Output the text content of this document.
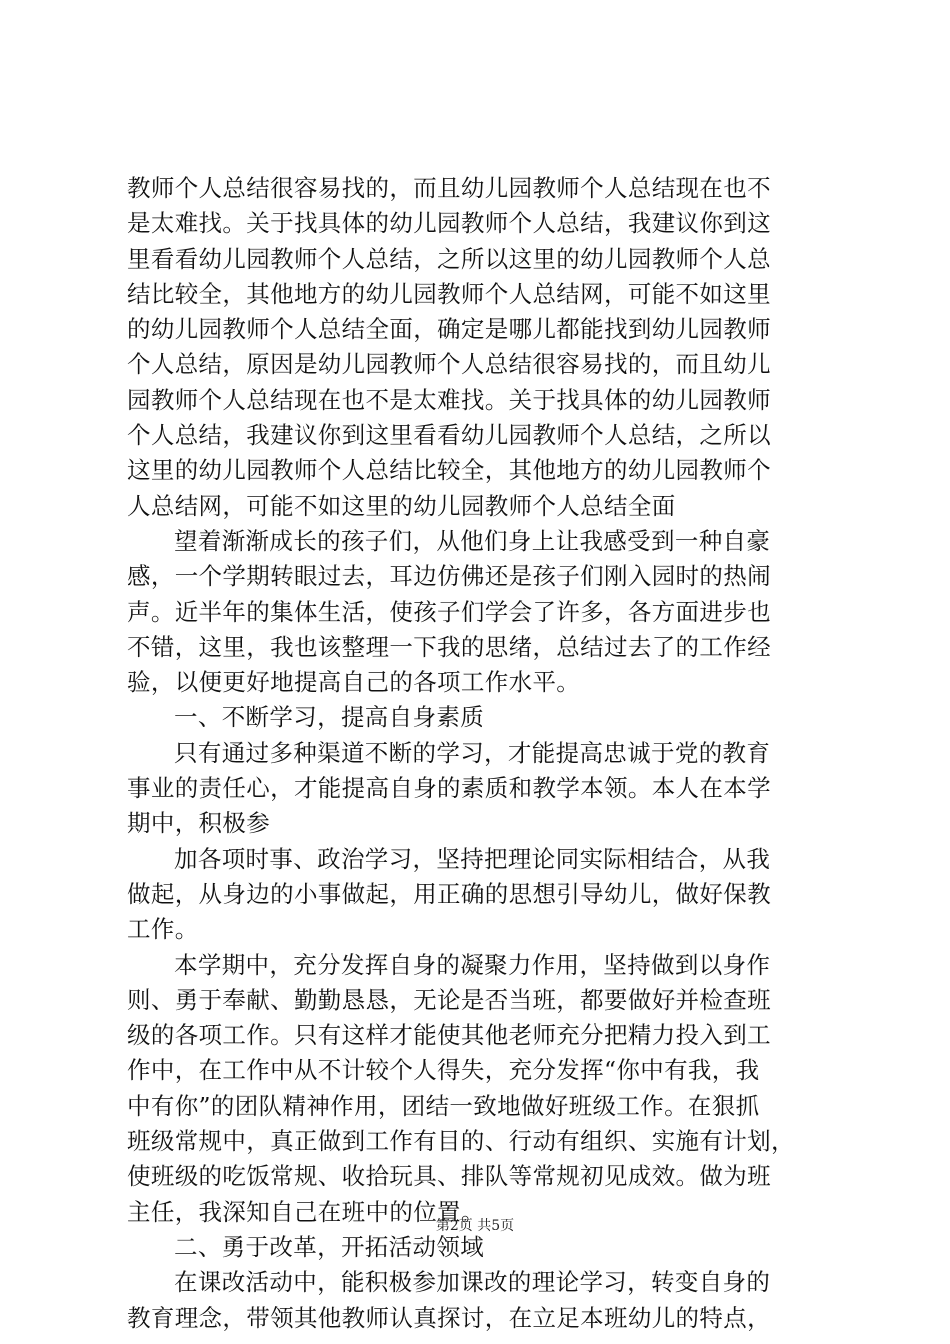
教师个人总结很容易找的，而且幼儿园教师个人总结现在也不
是太难找。关于找具体的幼儿园教师个人总结，我建议你到这
里看看幼儿园教师个人总结，之所以这里的幼儿园教师个人总
结比较全，其他地方的幼儿园教师个人总结网，可能不如这里
的幼儿园教师个人总结全面，确定是哪儿都能找到幼儿园教师
个人总结，原因是幼儿园教师个人总结很容易找的，而且幼儿
园教师个人总结现在也不是太难找。关于找具体的幼儿园教师
个人总结，我建议你到这里看看幼儿园教师个人总结，之所以
这里的幼儿园教师个人总结比较全，其他地方的幼儿园教师个
人总结网，可能不如这里的幼儿园教师个人总结全面
望着渐渐成长的孩子们，从他们身上让我感受到一种自豪
感，一个学期转眼过去，耳边仿佛还是孩子们刚入园时的热闹
声。近半年的集体生活，使孩子们学会了许多，各方面进步也
不错，这里，我也该整理一下我的思绪，总结过去了的工作经
验，以便更好地提高自己的各项工作水平。
一、不断学习，提高自身素质
只有通过多种渠道不断的学习，才能提高忠诚于党的教育
事业的责任心，才能提高自身的素质和教学本领。本人在本学
期中，积极参
加各项时事、政治学习，坚持把理论同实际相结合，从我
做起，从身边的小事做起，用正确的思想引导幼儿，做好保教
工作。
本学期中，充分发挥自身的凝聚力作用，坚持做到以身作
则、勇于奉献、勤勤恳恳，无论是否当班，都要做好并检查班
级的各项工作。只有这样才能使其他老师充分把精力投入到工
作中，在工作中从不计较个人得失，充分发挥“你中有我，我
中有你”的团队精神作用，团结一致地做好班级工作。在狠抓
班级常规中，真正做到工作有目的、行动有组织、实施有计划，
使班级的吃饭常规、收拾玩具、排队等常规初见成效。做为班
主任，我深知自己在班中的位置。
二、勇于改革，开拓活动领域
在课改活动中，能积极参加课改的理论学习，转变自身的
教育理念，带领其他教师认真探讨，在立足本班幼儿的特点，
第2页 共5页
